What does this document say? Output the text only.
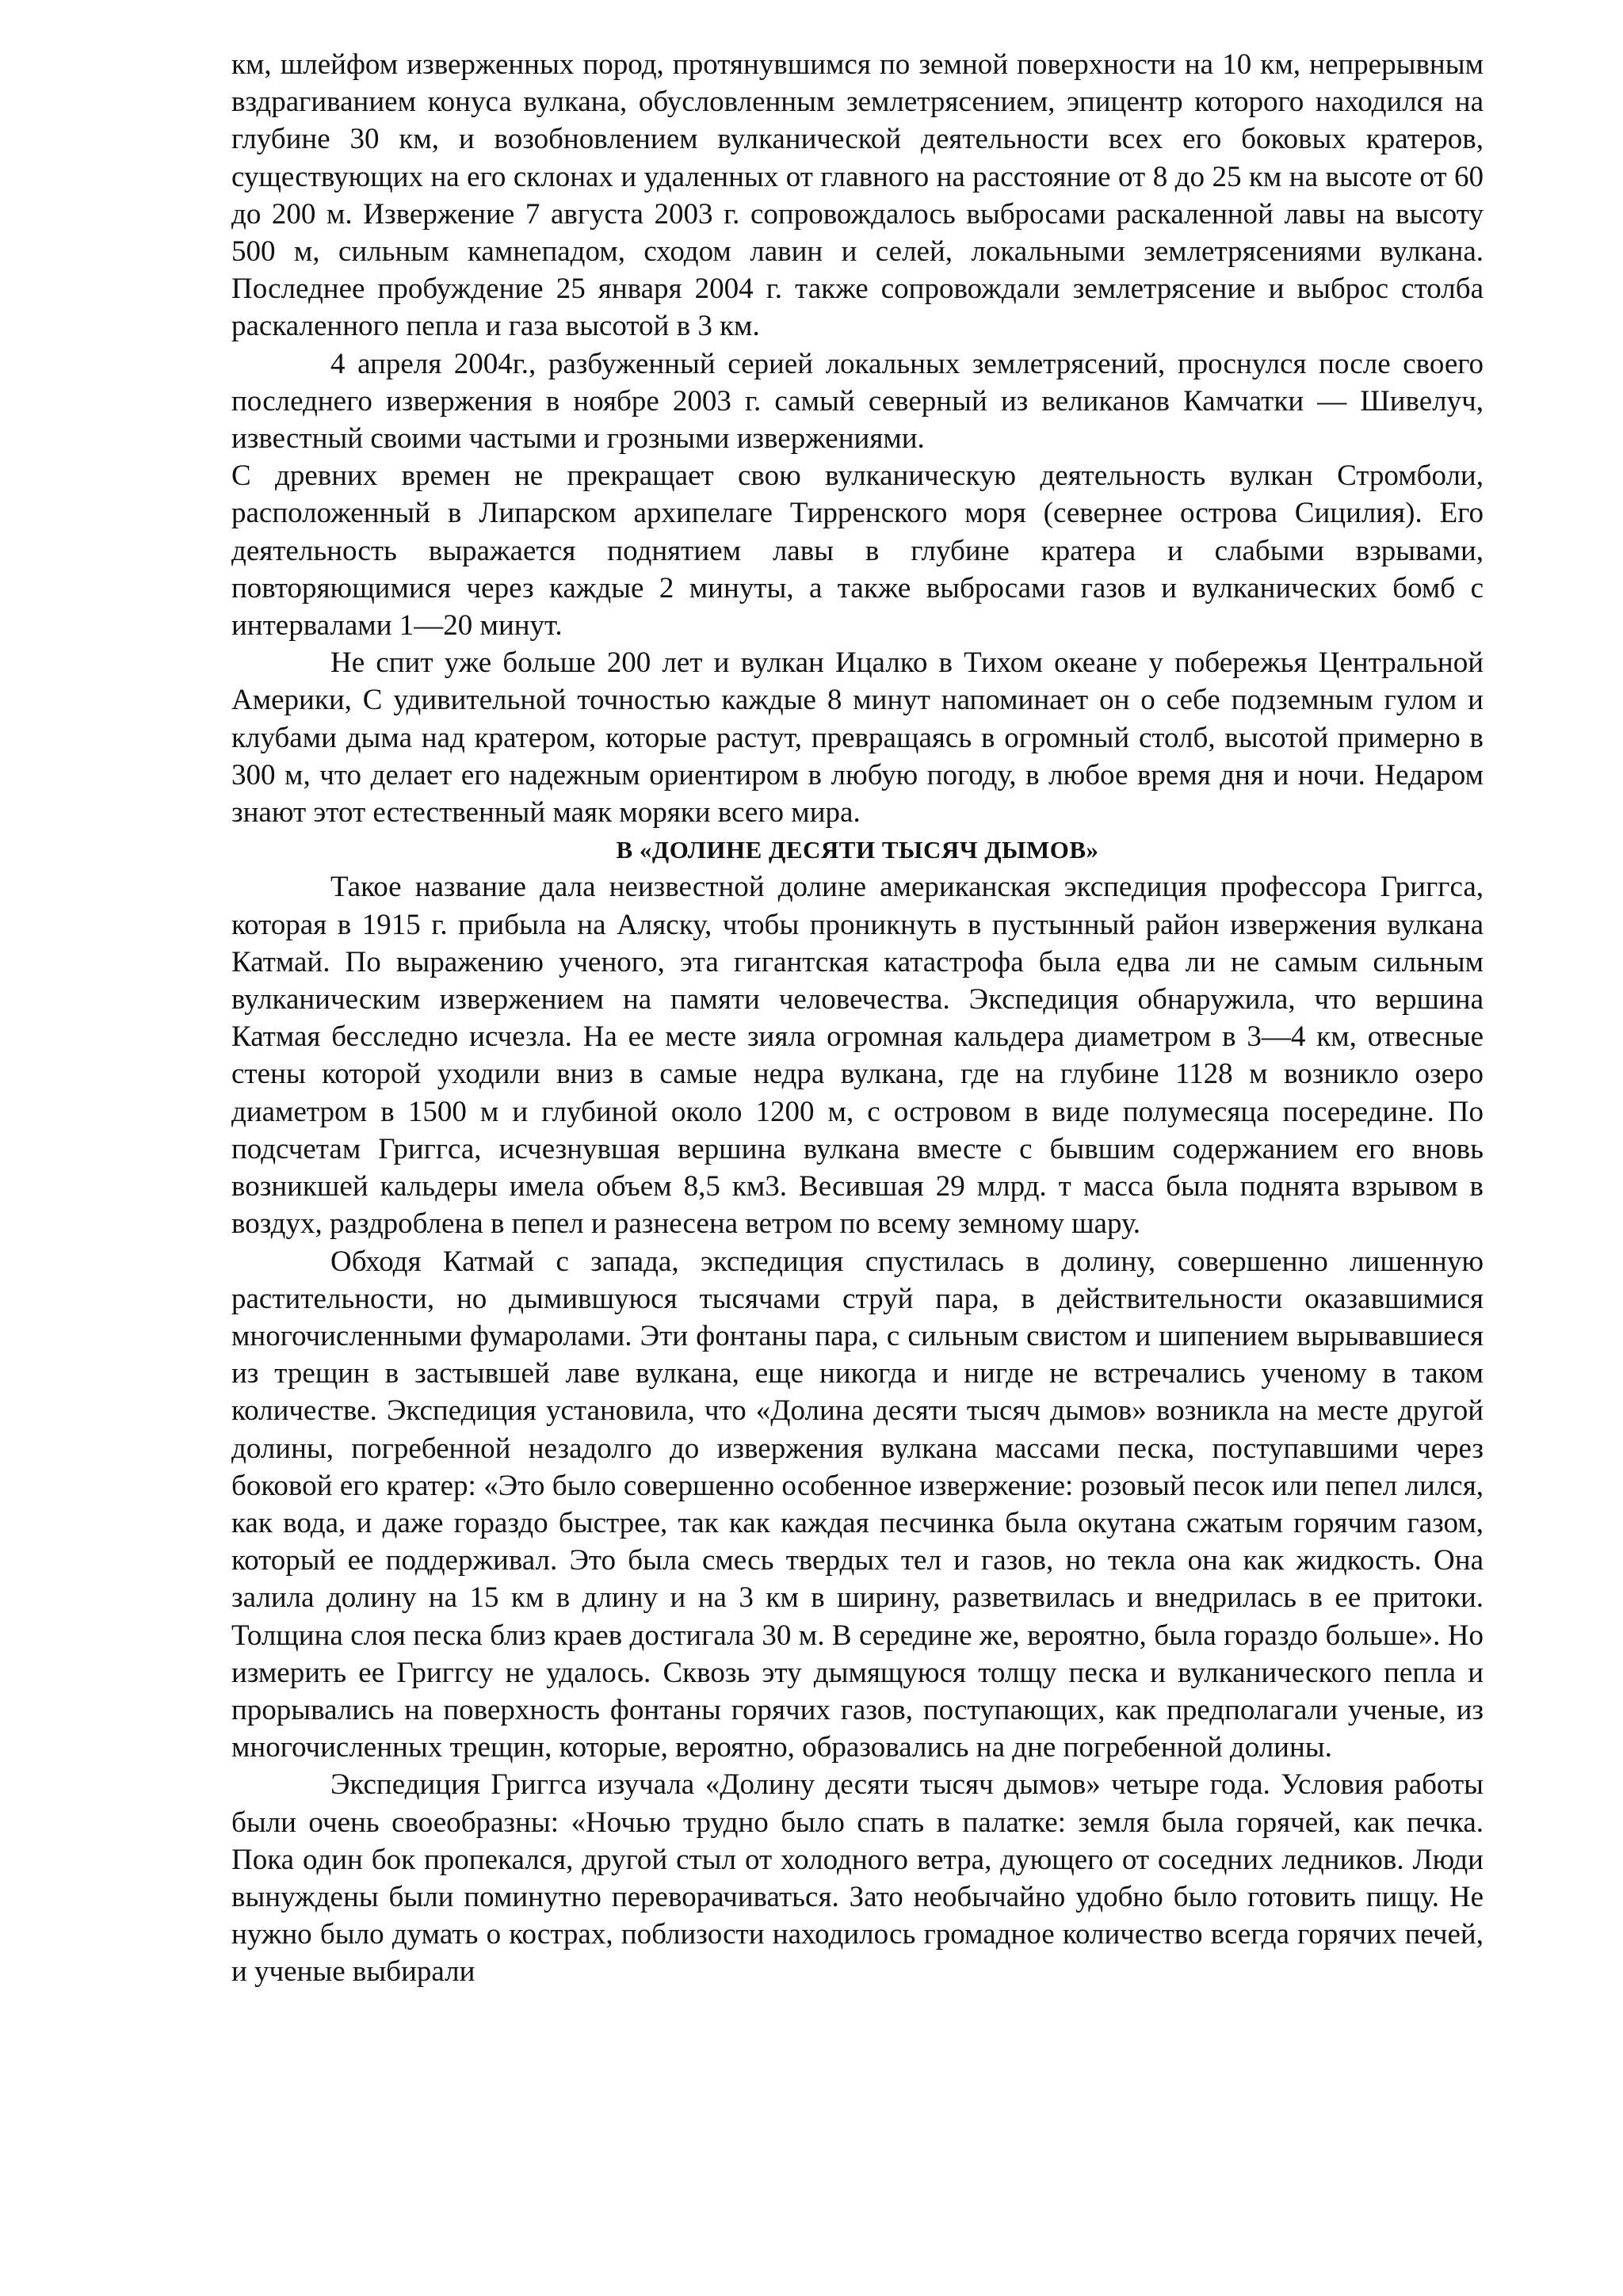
км, шлейфом изверженных пород, протянувшимся по земной поверхности на 10 км, непрерывным вздрагиванием конуса вулкана, обусловленным землетрясением, эпицентр которого находился на глубине 30 км, и возобновлением вулканической деятельности всех его боковых кратеров, существующих на его склонах и удаленных от главного на расстояние от 8 до 25 км на высоте от 60 до 200 м. Извержение 7 августа 2003 г. сопровождалось выбросами раскаленной лавы на высоту 500 м, сильным камнепадом, сходом лавин и селей, локальными землетрясениями вулкана. Последнее пробуждение 25 января 2004 г. также сопровождали землетрясение и выброс столба раскаленного пепла и газа высотой в 3 км.

4 апреля 2004г., разбуженный серией локальных землетрясений, проснулся после своего последнего извержения в ноябре 2003 г. самый северный из великанов Камчатки — Шивелуч, известный своими частыми и грозными извержениями.

С древних времен не прекращает свою вулканическую деятельность вулкан Стромболи, расположенный в Липарском архипелаге Тирренского моря (севернее острова Сицилия). Его деятельность выражается поднятием лавы в глубине кратера и слабыми взрывами, повторяющимися через каждые 2 минуты, а также выбросами газов и вулканических бомб с интервалами 1—20 минут.

Не спит уже больше 200 лет и вулкан Ицалко в Тихом океане у побережья Центральной Америки, С удивительной точностью каждые 8 минут напоминает он о себе подземным гулом и клубами дыма над кратером, которые растут, превращаясь в огромный столб, высотой примерно в 300 м, что делает его надежным ориентиром в любую погоду, в любое время дня и ночи. Недаром знают этот естественный маяк моряки всего мира.

В «ДОЛИНЕ ДЕСЯТИ ТЫСЯЧ ДЫМОВ»

Такое название дала неизвестной долине американская экспедиция профессора Григгса, которая в 1915 г. прибыла на Аляску, чтобы проникнуть в пустынный район извержения вулкана Катмай. По выражению ученого, эта гигантская катастрофа была едва ли не самым сильным вулканическим извержением на памяти человечества. Экспедиция обнаружила, что вершина Катмая бесследно исчезла. На ее месте зияла огромная кальдера диаметром в 3—4 км, отвесные стены которой уходили вниз в самые недра вулкана, где на глубине 1128 м возникло озеро диаметром в 1500 м и глубиной около 1200 м, с островом в виде полумесяца посередине. По подсчетам Григгса, исчезнувшая вершина вулкана вместе с бывшим содержанием его вновь возникшей кальдеры имела объем 8,5 км3. Весившая 29 млрд. т масса была поднята взрывом в воздух, раздроблена в пепел и разнесена ветром по всему земному шару.

Обходя Катмай с запада, экспедиция спустилась в долину, совершенно лишенную растительности, но дымившуюся тысячами струй пара, в действительности оказавшимися многочисленными фумаролами. Эти фонтаны пара, с сильным свистом и шипением вырывавшиеся из трещин в застывшей лаве вулкана, еще никогда и нигде не встречались ученому в таком количестве. Экспедиция установила, что «Долина десяти тысяч дымов» возникла на месте другой долины, погребенной незадолго до извержения вулкана массами песка, поступавшими через боковой его кратер: «Это было совершенно особенное извержение: розовый песок или пепел лился, как вода, и даже гораздо быстрее, так как каждая песчинка была окутана сжатым горячим газом, который ее поддерживал. Это была смесь твердых тел и газов, но текла она как жидкость. Она залила долину на 15 км в длину и на 3 км в ширину, разветвилась и внедрилась в ее притоки. Толщина слоя песка близ краев достигала 30 м. В середине же, вероятно, была гораздо больше». Но измерить ее Григгсу не удалось. Сквозь эту дымящуюся толщу песка и вулканического пепла и прорывались на поверхность фонтаны горячих газов, поступающих, как предполагали ученые, из многочисленных трещин, которые, вероятно, образовались на дне погребенной долины.

Экспедиция Григгса изучала «Долину десяти тысяч дымов» четыре года. Условия работы были очень своеобразны: «Ночью трудно было спать в палатке: земля была горячей, как печка. Пока один бок пропекался, другой стыл от холодного ветра, дующего от соседних ледников. Люди вынуждены были поминутно переворачиваться. Зато необычайно удобно было готовить пищу. Не нужно было думать о кострах, поблизости находилось громадное количество всегда горячих печей, и ученые выбирали
